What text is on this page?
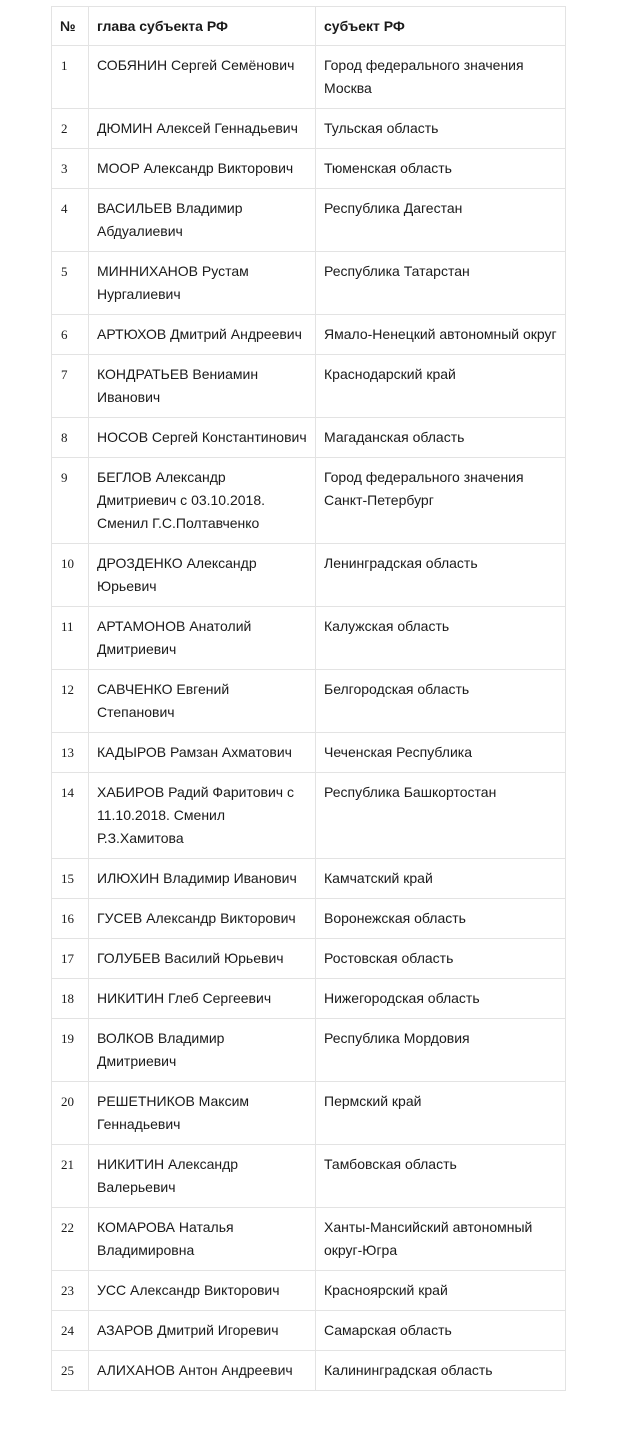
№	глава субъекта РФ	субъект РФ
1	СОБЯНИН Сергей Семёнович	Город федерального значения Москва
2	ДЮМИН Алексей Геннадьевич	Тульская область
3	МООР Александр Викторович	Тюменская область
4	ВАСИЛЬЕВ Владимир Абдуалиевич	Республика Дагестан
5	МИННИХАНОВ Рустам Нургалиевич	Республика Татарстан
6	АРТЮХОВ Дмитрий Андреевич	Ямало-Ненецкий автономный округ
7	КОНДРАТЬЕВ Вениамин Иванович	Краснодарский край
8	НОСОВ Сергей Константинович	Магаданская область
9	БЕГЛОВ Александр Дмитриевич с 03.10.2018. Сменил Г.С.Полтавченко	Город федерального значения Санкт-Петербург
10	ДРОЗДЕНКО Александр Юрьевич	Ленинградская область
11	АРТАМОНОВ Анатолий Дмитриевич	Калужская область
12	САВЧЕНКО Евгений Степанович	Белгородская область
13	КАДЫРОВ Рамзан Ахматович	Чеченская Республика
14	ХАБИРОВ Радий Фаритович с 11.10.2018. Сменил Р.З.Хамитова	Республика Башкортостан
15	ИЛЮХИН Владимир Иванович	Камчатский край
16	ГУСЕВ Александр Викторович	Воронежская область
17	ГОЛУБЕВ Василий Юрьевич	Ростовская область
18	НИКИТИН Глеб Сергеевич	Нижегородская область
19	ВОЛКОВ Владимир Дмитриевич	Республика Мордовия
20	РЕШЕТНИКОВ Максим Геннадьевич	Пермский край
21	НИКИТИН Александр Валерьевич	Тамбовская область
22	КОМАРОВА Наталья Владимировна	Ханты-Мансийский автономный округ-Югра
23	УСС Александр Викторович	Красноярский край
24	АЗАРОВ Дмитрий Игоревич	Самарская область
25	АЛИХАНОВ Антон Андреевич	Калининградская область
